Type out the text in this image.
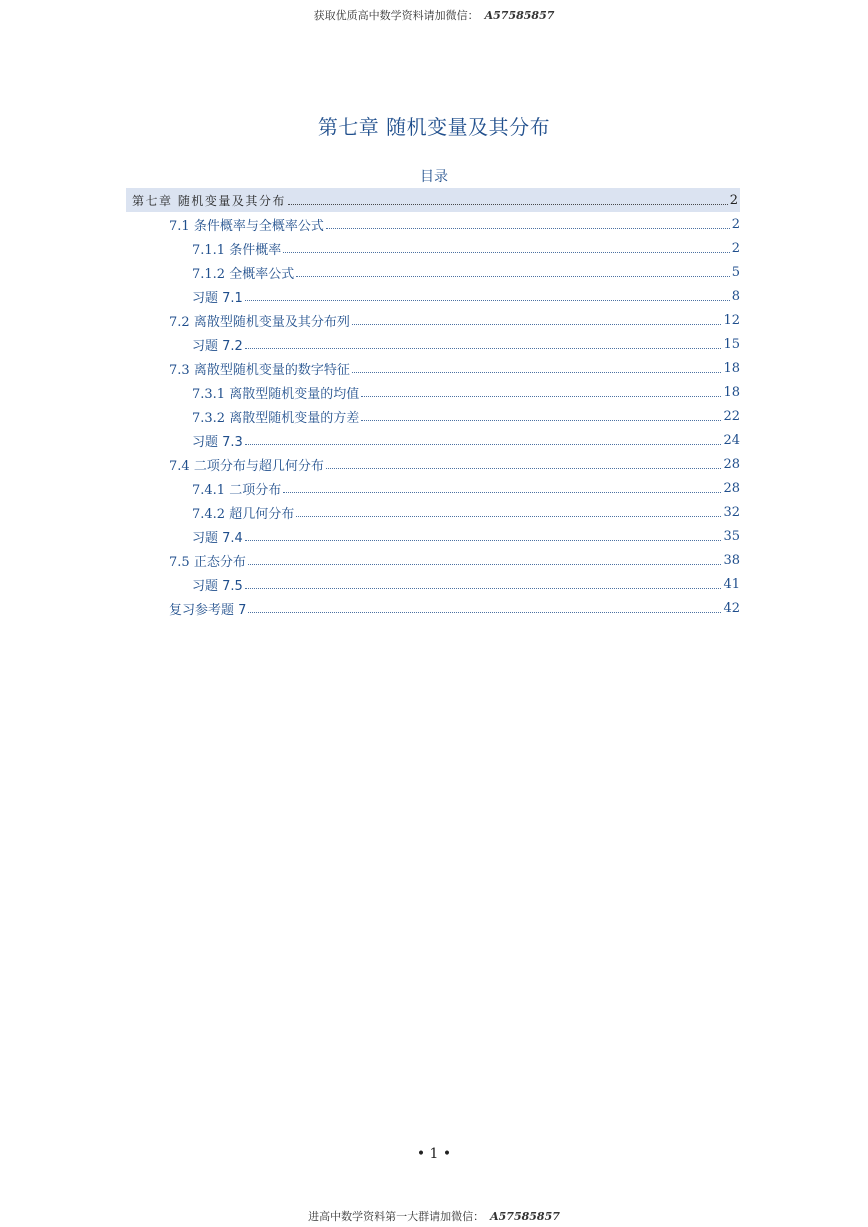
获取优质高中数学资料请加微信： A57585857
第七章 随机变量及其分布
目录
第七章 随机变量及其分布	2
7.1 条件概率与全概率公式	2
7.1.1 条件概率	2
7.1.2 全概率公式	5
习题 7.1	8
7.2 离散型随机变量及其分布列	12
习题 7.2	15
7.3 离散型随机变量的数字特征	18
7.3.1 离散型随机变量的均值	18
7.3.2 离散型随机变量的方差	22
习题 7.3	24
7.4 二项分布与超几何分布	28
7.4.1 二项分布	28
7.4.2 超几何分布	32
习题 7.4	35
7.5 正态分布	38
习题 7.5	41
复习参考题 7	42
• 1 •
进高中数学资料第一大群请加微信： A57585857
